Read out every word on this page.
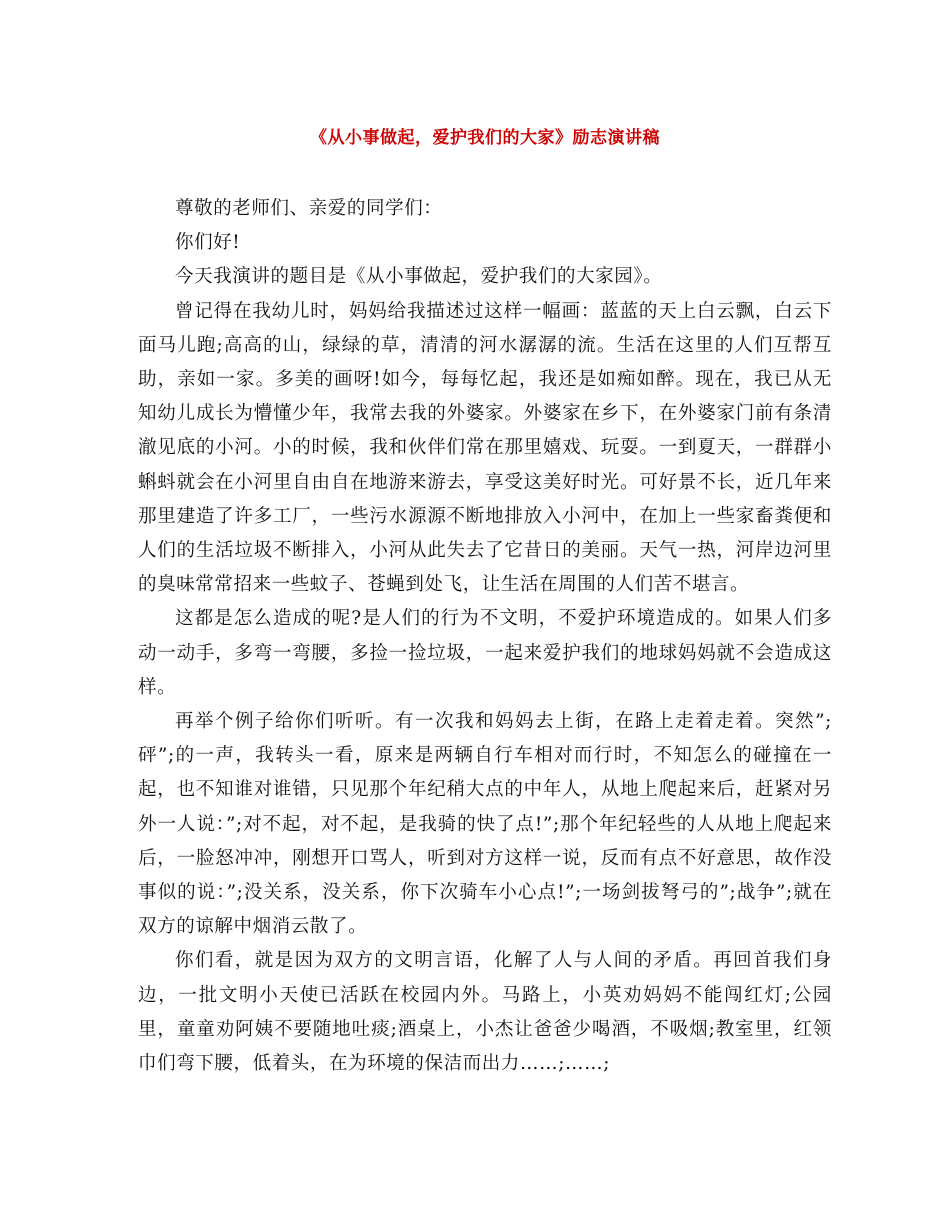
《从小事做起，爱护我们的大家》励志演讲稿

尊敬的老师们、亲爱的同学们：

你们好!

今天我演讲的题目是《从小事做起，爱护我们的大家园》。

曾记得在我幼儿时，妈妈给我描述过这样一幅画：蓝蓝的天上白云飘，白云下面马儿跑;高高的山，绿绿的草，清清的河水潺潺的流。生活在这里的人们互帮互助，亲如一家。多美的画呀!如今，每每忆起，我还是如痴如醉。现在，我已从无知幼儿成长为懵懂少年，我常去我的外婆家。外婆家在乡下，在外婆家门前有条清澈见底的小河。小的时候，我和伙伴们常在那里嬉戏、玩耍。一到夏天，一群群小蝌蚪就会在小河里自由自在地游来游去，享受这美好时光。可好景不长，近几年来那里建造了许多工厂，一些污水源源不断地排放入小河中，在加上一些家畜粪便和人们的生活垃圾不断排入，小河从此失去了它昔日的美丽。天气一热，河岸边河里的臭味常常招来一些蚊子、苍蝇到处飞，让生活在周围的人们苦不堪言。

这都是怎么造成的呢?是人们的行为不文明，不爱护环境造成的。如果人们多动一动手，多弯一弯腰，多捡一捡垃圾，一起来爱护我们的地球妈妈就不会造成这样。

再举个例子给你们听听。有一次我和妈妈去上街，在路上走着走着。突然”;砰”;的一声，我转头一看，原来是两辆自行车相对而行时，不知怎么的碰撞在一起，也不知谁对谁错，只见那个年纪稍大点的中年人，从地上爬起来后，赶紧对另外一人说：”;对不起，对不起，是我骑的快了点!”;那个年纪轻些的人从地上爬起来后，一脸怒冲冲，刚想开口骂人，听到对方这样一说，反而有点不好意思，故作没事似的说：”;没关系，没关系，你下次骑车小心点!”;一场剑拔弩弓的”;战争”;就在双方的谅解中烟消云散了。

你们看，就是因为双方的文明言语，化解了人与人间的矛盾。再回首我们身边，一批文明小天使已活跃在校园内外。马路上，小英劝妈妈不能闯红灯;公园里，童童劝阿姨不要随地吐痰;酒桌上，小杰让爸爸少喝酒，不吸烟;教室里，红领巾们弯下腰，低着头，在为环境的保洁而出力……;……;
